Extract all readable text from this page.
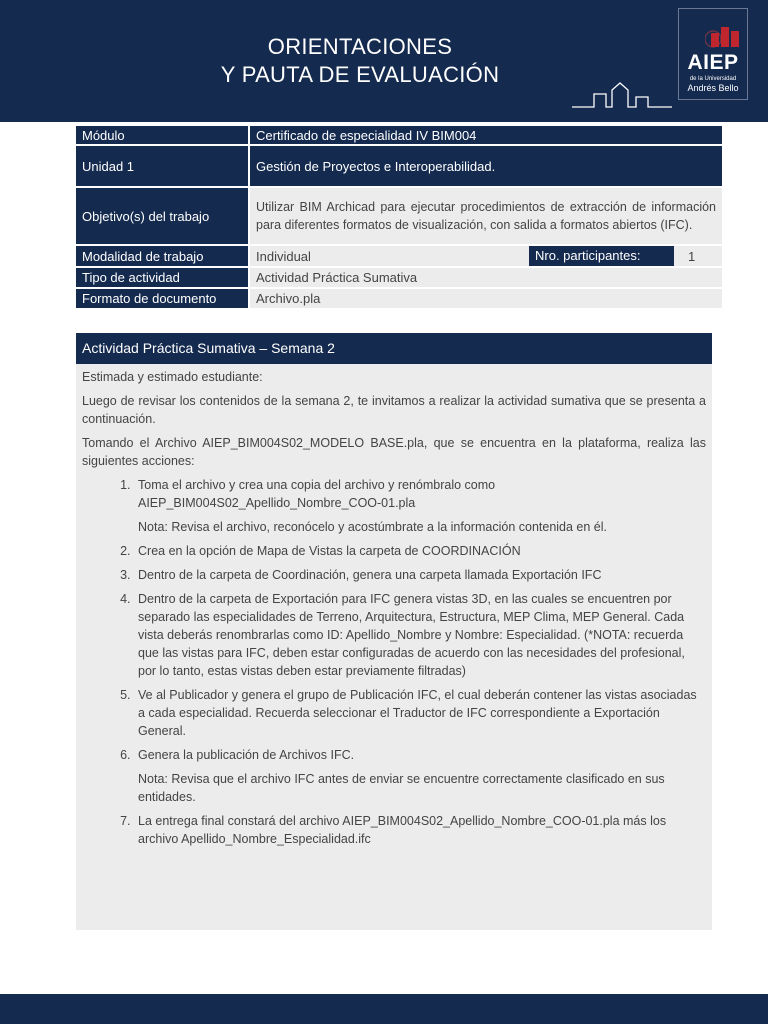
ORIENTACIONES
Y PAUTA DE EVALUACIÓN	AIEP
de la Universidad
Andrés Bello
Módulo		Certificado de especialidad IV BIM004
Unidad 1		Gestión de Proyectos e Interoperabilidad.
Objetivo(s) del trabajo		Utilizar BIM Archicad para ejecutar procedimientos de extracción de información para diferentes formatos de visualización, con salida a formatos abiertos (IFC).
Modalidad de trabajo		Individual Nro. participantes: 1

Tipo de actividad		Actividad Práctica Sumativa
Formato de documento		Archivo.pla
Actividad Práctica Sumativa – Semana 2

Estimada y estimado estudiante:

Luego de revisar los contenidos de la semana 2, te invitamos a realizar la actividad sumativa que se presenta a continuación.

Tomando el Archivo AIEP_BIM004S02_MODELO BASE.pla, que se encuentra en la plataforma, realiza las siguientes acciones:

1. Toma el archivo y crea una copia del archivo y renómbralo como AIEP_BIM004S02_Apellido_Nombre_COO-01.pla

Nota: Revisa el archivo, reconócelo y acostúmbrate a la información contenida en él.

2. Crea en la opción de Mapa de Vistas la carpeta de COORDINACIÓN
3. Dentro de la carpeta de Coordinación, genera una carpeta llamada Exportación IFC
4. Dentro de la carpeta de Exportación para IFC genera vistas 3D, en las cuales se encuentren por separado las especialidades de Terreno, Arquitectura, Estructura, MEP Clima, MEP General. Cada vista deberás renombrarlas como ID: Apellido_Nombre y Nombre: Especialidad. (*NOTA: recuerda que las vistas para IFC, deben estar configuradas de acuerdo con las necesidades del profesional, por lo tanto, estas vistas deben estar previamente filtradas)
5. Ve al Publicador y genera el grupo de Publicación IFC, el cual deberán contener las vistas asociadas a cada especialidad. Recuerda seleccionar el Traductor de IFC correspondiente a Exportación General.
6. Genera la publicación de Archivos IFC.

Nota: Revisa que el archivo IFC antes de enviar se encuentre correctamente clasificado en sus entidades.

7. La entrega final constará del archivo AIEP_BIM004S02_Apellido_Nombre_COO-01.pla más los archivo Apellido_Nombre_Especialidad.ifc
